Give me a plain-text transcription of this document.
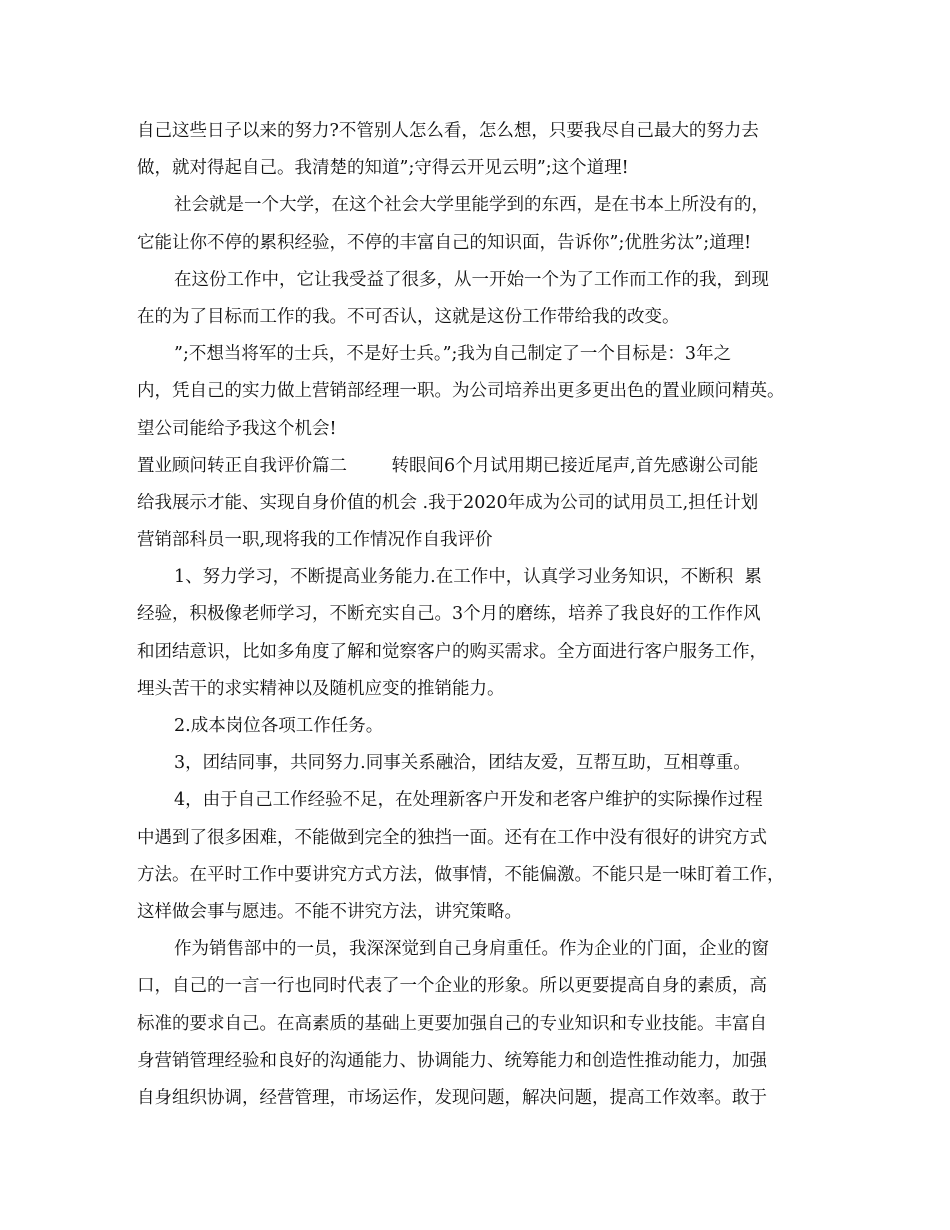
自己这些日子以来的努力?不管别人怎么看，怎么想，只要我尽自己最大的努力去
做，就对得起自己。我清楚的知道”;守得云开见云明”;这个道理!
社会就是一个大学，在这个社会大学里能学到的东西，是在书本上所没有的，
它能让你不停的累积经验，不停的丰富自己的知识面，告诉你”;优胜劣汰”;道理!
在这份工作中，它让我受益了很多，从一开始一个为了工作而工作的我，到现
在的为了目标而工作的我。不可否认，这就是这份工作带给我的改变。
”;不想当将军的士兵，不是好士兵。”;我为自己制定了一个目标是：3年之
内，凭自己的实力做上营销部经理一职。为公司培养出更多更出色的置业顾问精英。
望公司能给予我这个机会!
置业顾问转正自我评价篇二        转眼间6个月试用期已接近尾声,首先感谢公司能
给我展示才能、实现自身价值的机会 .我于2020年成为公司的试用员工,担任计划
营销部科员一职,现将我的工作情况作自我评价
1、努力学习，不断提高业务能力.在工作中，认真学习业务知识，不断积  累
经验，积极像老师学习，不断充实自己。3个月的磨练，培养了我良好的工作作风
和团结意识，比如多角度了解和觉察客户的购买需求。全方面进行客户服务工作，
埋头苦干的求实精神以及随机应变的推销能力。
2.成本岗位各项工作任务。
3，团结同事，共同努力.同事关系融洽，团结友爱，互帮互助，互相尊重。
4，由于自己工作经验不足，在处理新客户开发和老客户维护的实际操作过程
中遇到了很多困难，不能做到完全的独挡一面。还有在工作中没有很好的讲究方式
方法。在平时工作中要讲究方式方法，做事情，不能偏激。不能只是一味盯着工作，
这样做会事与愿违。不能不讲究方法，讲究策略。
作为销售部中的一员，我深深觉到自己身肩重任。作为企业的门面，企业的窗
口，自己的一言一行也同时代表了一个企业的形象。所以更要提高自身的素质，高
标准的要求自己。在高素质的基础上更要加强自己的专业知识和专业技能。丰富自
身营销管理经验和良好的沟通能力、协调能力、统筹能力和创造性推动能力，加强
自身组织协调，经营管理，市场运作，发现问题，解决问题，提高工作效率。敢于
